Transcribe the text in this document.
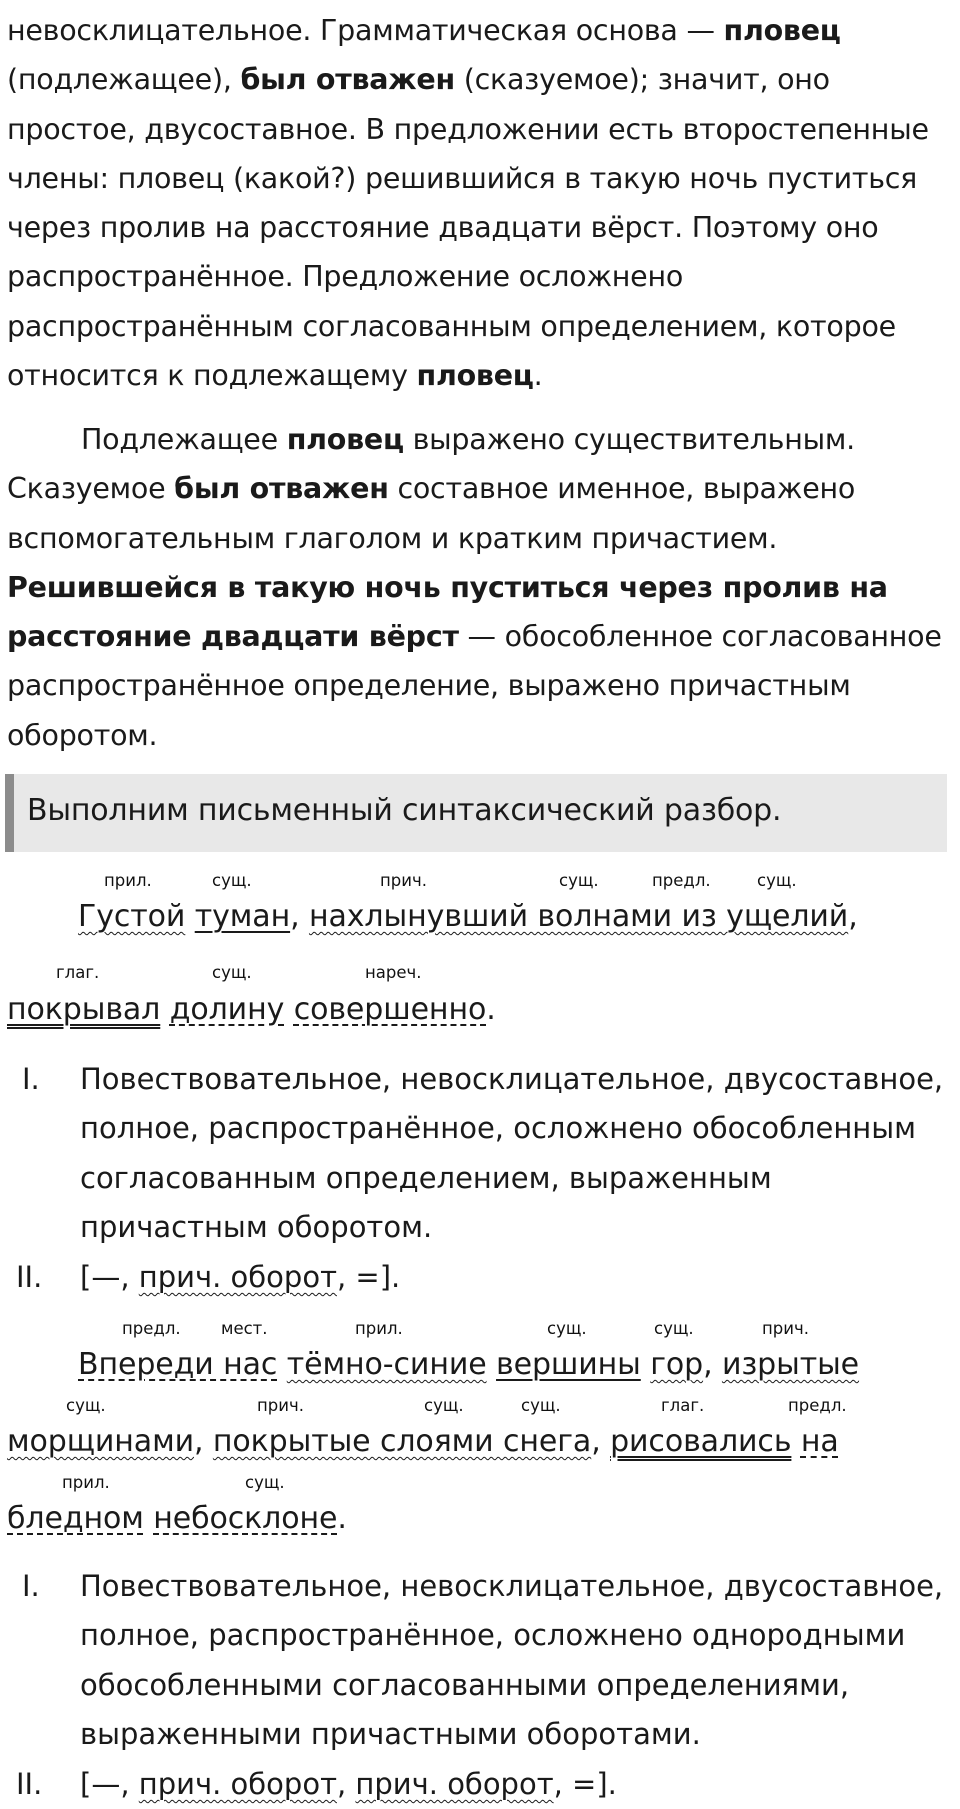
невосклицательное. Грамматическая основа — пловец
(подлежащее), был отважен (сказуемое); значит, оно простое, двусоставное. В предложении есть второстепенные члены: пловец (какой?) решившийся в такую ночь пуститься через пролив на расстояние двадцати вёрст. Поэтому оно распространённое. Предложение осложнено распространённым согласованным определением, которое относится к подлежащему пловец.

Подлежащее пловец выражено существительным. Сказуемое был отважен составное именное, выражено вспомогательным глаголом и кратким причастием. Решившейся в такую ночь пуститься через пролив на расстояние двадцати вёрст — обособленное согласованное распространённое определение, выражено причастным оборотом.

Выполним письменный синтаксический разбор.
прил.	сущ.	прич.	сущ.	предл.	сущ.
Густой туман, нахлынувший волнами из ущелий,
глаг.	сущ.	нареч.
покрывал долину совершенно.
I.	Повествовательное, невосклицательное, двусоставное, полное, распространённое, осложнено обособленным согласованным определением, выраженным причастным оборотом.
II. [—, прич. оборот, =].
предл. мест.	прил.	сущ.	сущ.	прич.
Впереди нас тёмно-синие вершины гор, изрытые
сущ.	прич.	сущ.	сущ.	глаг.	предл.
морщинами, покрытые слоями снега, рисовались на
прил.	сущ.
бледном небосклоне.
I.	Повествовательное, невосклицательное, двусоставное, полное, распространённое, осложнено однородными обособленными согласованными определениями, выраженными причастными оборотами.
II. [—, прич. оборот, прич. оборот, =].
